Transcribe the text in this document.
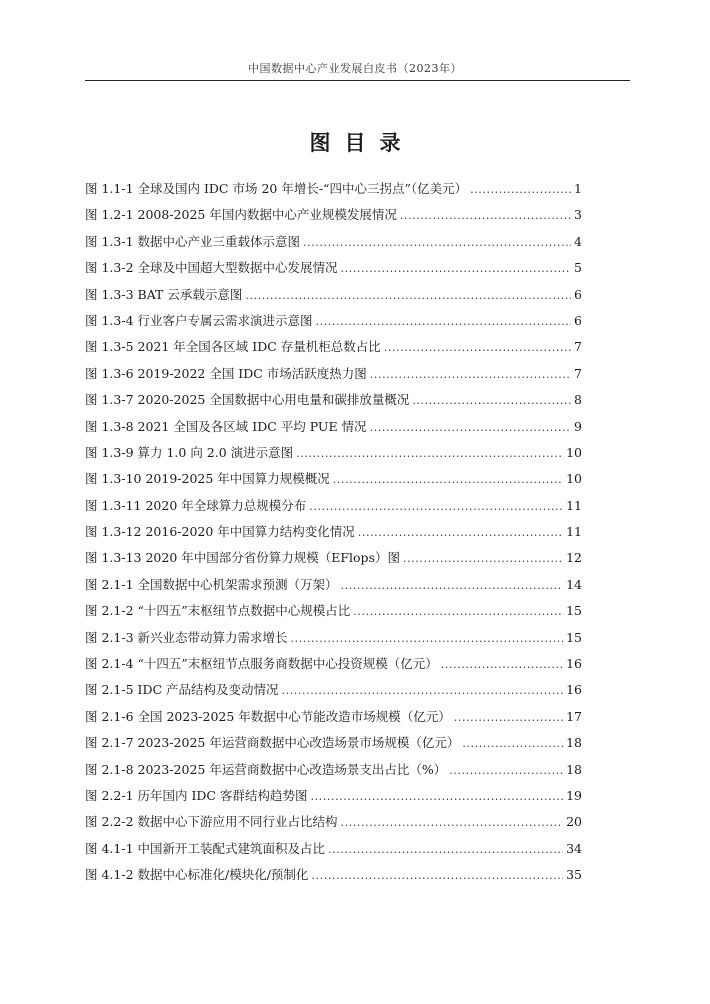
中国数据中心产业发展白皮书（2023年）
图目录
图 1.1-1 全球及国内 IDC 市场 20 年增长-“四中心三拐点”（亿美元） .....	1
图 1.2-1 2008-2025 年国内数据中心产业规模发展情况 .....	3
图 1.3-1 数据中心产业三重载体示意图 .....	4
图 1.3-2 全球及中国超大型数据中心发展情况 .....	5
图 1.3-3 BAT 云承载示意图 .....	6
图 1.3-4 行业客户专属云需求演进示意图 .....	6
图 1.3-5 2021 年全国各区域 IDC 存量机柜总数占比 .....	7
图 1.3-6 2019-2022 全国 IDC 市场活跃度热力图 .....	7
图 1.3-7 2020-2025 全国数据中心用电量和碳排放量概况 .....	8
图 1.3-8 2021 全国及各区域 IDC 平均 PUE 情况 .....	9
图 1.3-9 算力 1.0 向 2.0 演进示意图 .....	10
图 1.3-10 2019-2025 年中国算力规模概况 .....	10
图 1.3-11 2020 年全球算力总规模分布 .....	11
图 1.3-12 2016-2020 年中国算力结构变化情况 .....	11
图 1.3-13 2020 年中国部分省份算力规模（EFlops）图 .....	12
图 2.1-1 全国数据中心机架需求预测（万架） .....	14
图 2.1-2 “十四五”末枢纽节点数据中心规模占比 .....	15
图 2.1-3 新兴业态带动算力需求增长 .....	15
图 2.1-4 “十四五”末枢纽节点服务商数据中心投资规模（亿元） .....	16
图 2.1-5 IDC 产品结构及变动情况 .....	16
图 2.1-6 全国 2023-2025 年数据中心节能改造市场规模（亿元） .....	17
图 2.1-7 2023-2025 年运营商数据中心改造场景市场规模（亿元） .....	18
图 2.1-8 2023-2025 年运营商数据中心改造场景支出占比（%） .....	18
图 2.2-1 历年国内 IDC 客群结构趋势图 .....	19
图 2.2-2 数据中心下游应用不同行业占比结构 .....	20
图 4.1-1 中国新开工装配式建筑面积及占比 .....	34
图 4.1-2 数据中心标准化/模块化/预制化 .....	35
